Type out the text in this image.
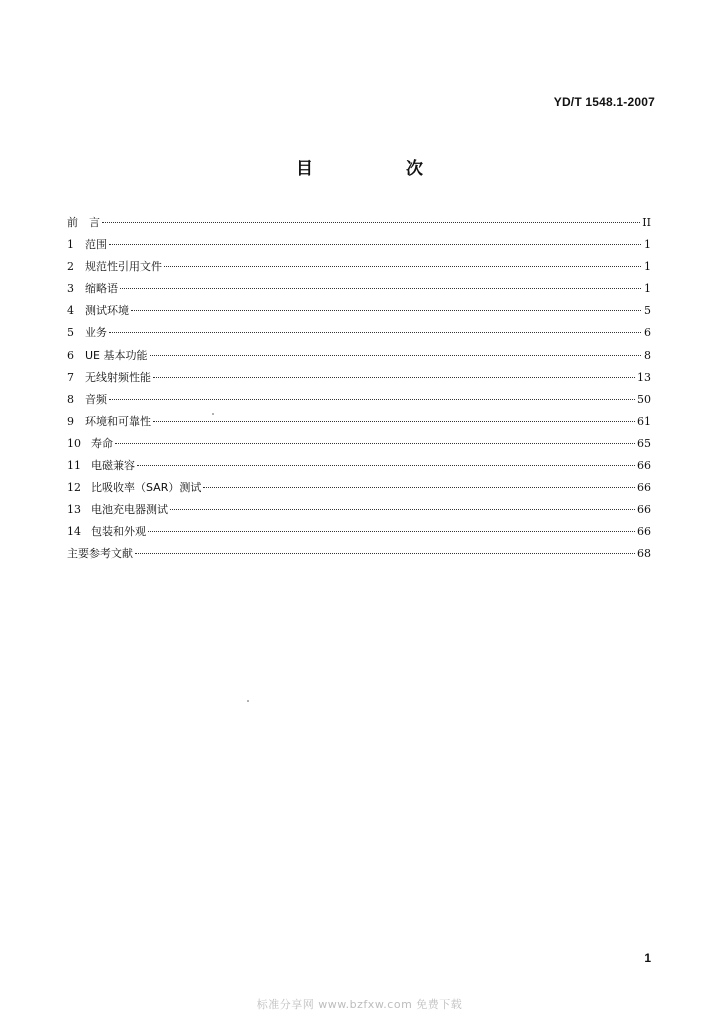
YD/T 1548.1-2007
目　次
前　言	II
1	范围	1
2	规范性引用文件	1
3	缩略语	1
4	测试环境	5
5	业务	6
6	UE 基本功能	8
7	无线射频性能	13
8	音频	50
9	环境和可靠性	61
10 寿命	65
11 电磁兼容	66
12 比吸收率（SAR）测试	66
13 电池充电器测试	66
14 包装和外观	66
主要参考文献	68
1
标准分享网 www.bzfxw.com 免费下载
